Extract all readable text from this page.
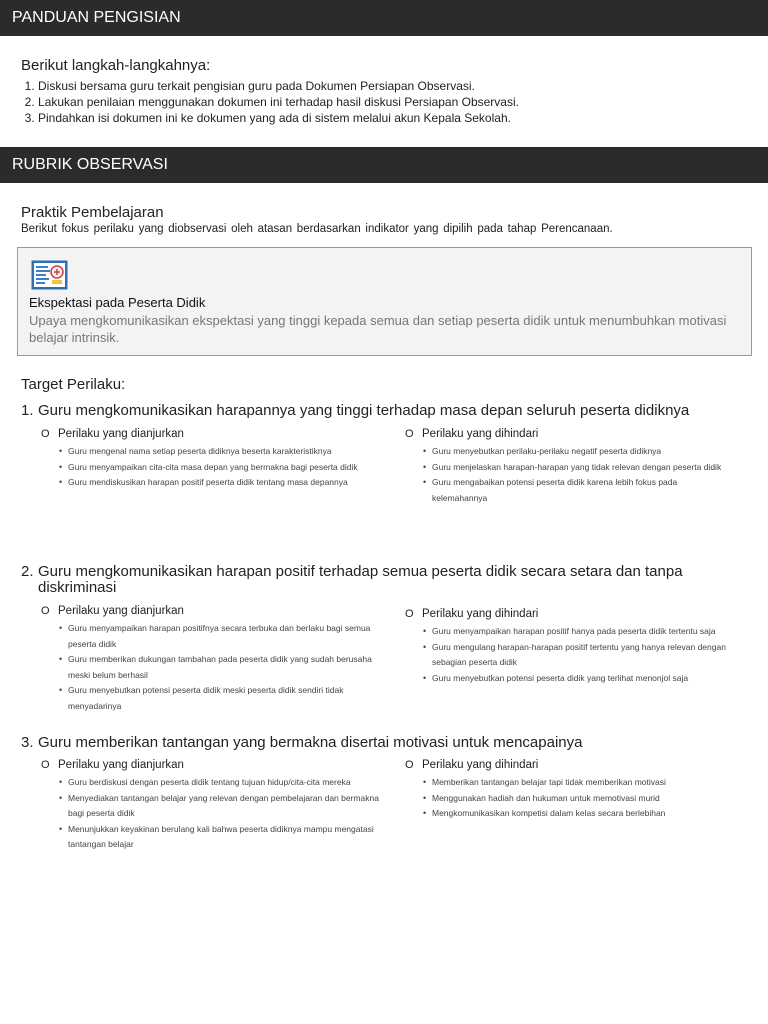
PANDUAN PENGISIAN
Berikut langkah-langkahnya:
1. Diskusi bersama guru terkait pengisian guru pada Dokumen Persiapan Observasi.
2. Lakukan penilaian menggunakan dokumen ini terhadap hasil diskusi Persiapan Observasi.
3. Pindahkan isi dokumen ini ke dokumen yang ada di sistem melalui akun Kepala Sekolah.
RUBRIK OBSERVASI
Praktik Pembelajaran
Berikut fokus perilaku yang diobservasi oleh atasan berdasarkan indikator yang dipilih pada tahap Perencanaan.
Ekspektasi pada Peserta Didik
Upaya mengkomunikasikan ekspektasi yang tinggi kepada semua dan setiap peserta didik untuk menumbuhkan motivasi belajar intrinsik.
Target Perilaku:
1. Guru mengkomunikasikan harapannya yang tinggi terhadap masa depan seluruh peserta didiknya
O Perilaku yang dianjurkan	O Perilaku yang dihindari
• Guru mengenal nama setiap peserta didiknya beserta karakteristiknya
• Guru menyampaikan cita-cita masa depan yang bermakna bagi peserta didik
• Guru mendiskusikan harapan positif peserta didik tentang masa depannya
• Guru menyebutkan perilaku-perilaku negatif peserta didiknya
• Guru menjelaskan harapan-harapan yang tidak relevan dengan peserta didik
• Guru mengabaikan potensi peserta didik karena lebih fokus pada kelemahannya
2. Guru mengkomunikasikan harapan positif terhadap semua peserta didik secara setara dan tanpa diskriminasi
O Perilaku yang dianjurkan	O Perilaku yang dihindari
• Guru menyampaikan harapan positifnya secara terbuka dan berlaku bagi semua peserta didik
• Guru memberikan dukungan tambahan pada peserta didik yang sudah berusaha meski belum berhasil
• Guru menyebutkan potensi peserta didik meski peserta didik sendiri tidak menyadarinya
• Guru menyampaikan harapan positif hanya pada peserta didik tertentu saja
• Guru mengulang harapan-harapan positif tertentu yang hanya relevan dengan sebagian peserta didik
• Guru menyebutkan potensi peserta didik yang terlihat menonjol saja
3. Guru memberikan tantangan yang bermakna disertai motivasi untuk mencapainya
O Perilaku yang dianjurkan	O Perilaku yang dihindari
• Guru berdiskusi dengan peserta didik tentang tujuan hidup/cita-cita mereka
• Menyediakan tantangan belajar yang relevan dengan pembelajaran dan bermakna bagi peserta didik
• Menunjukkan keyakinan berulang kali bahwa peserta didiknya mampu mengatasi tantangan belajar
• Memberikan tantangan belajar tapi tidak memberikan motivasi
• Menggunakan hadiah dan hukuman untuk memotivasi murid
• Mengkomunikasikan kompetisi dalam kelas secara berlebihan
